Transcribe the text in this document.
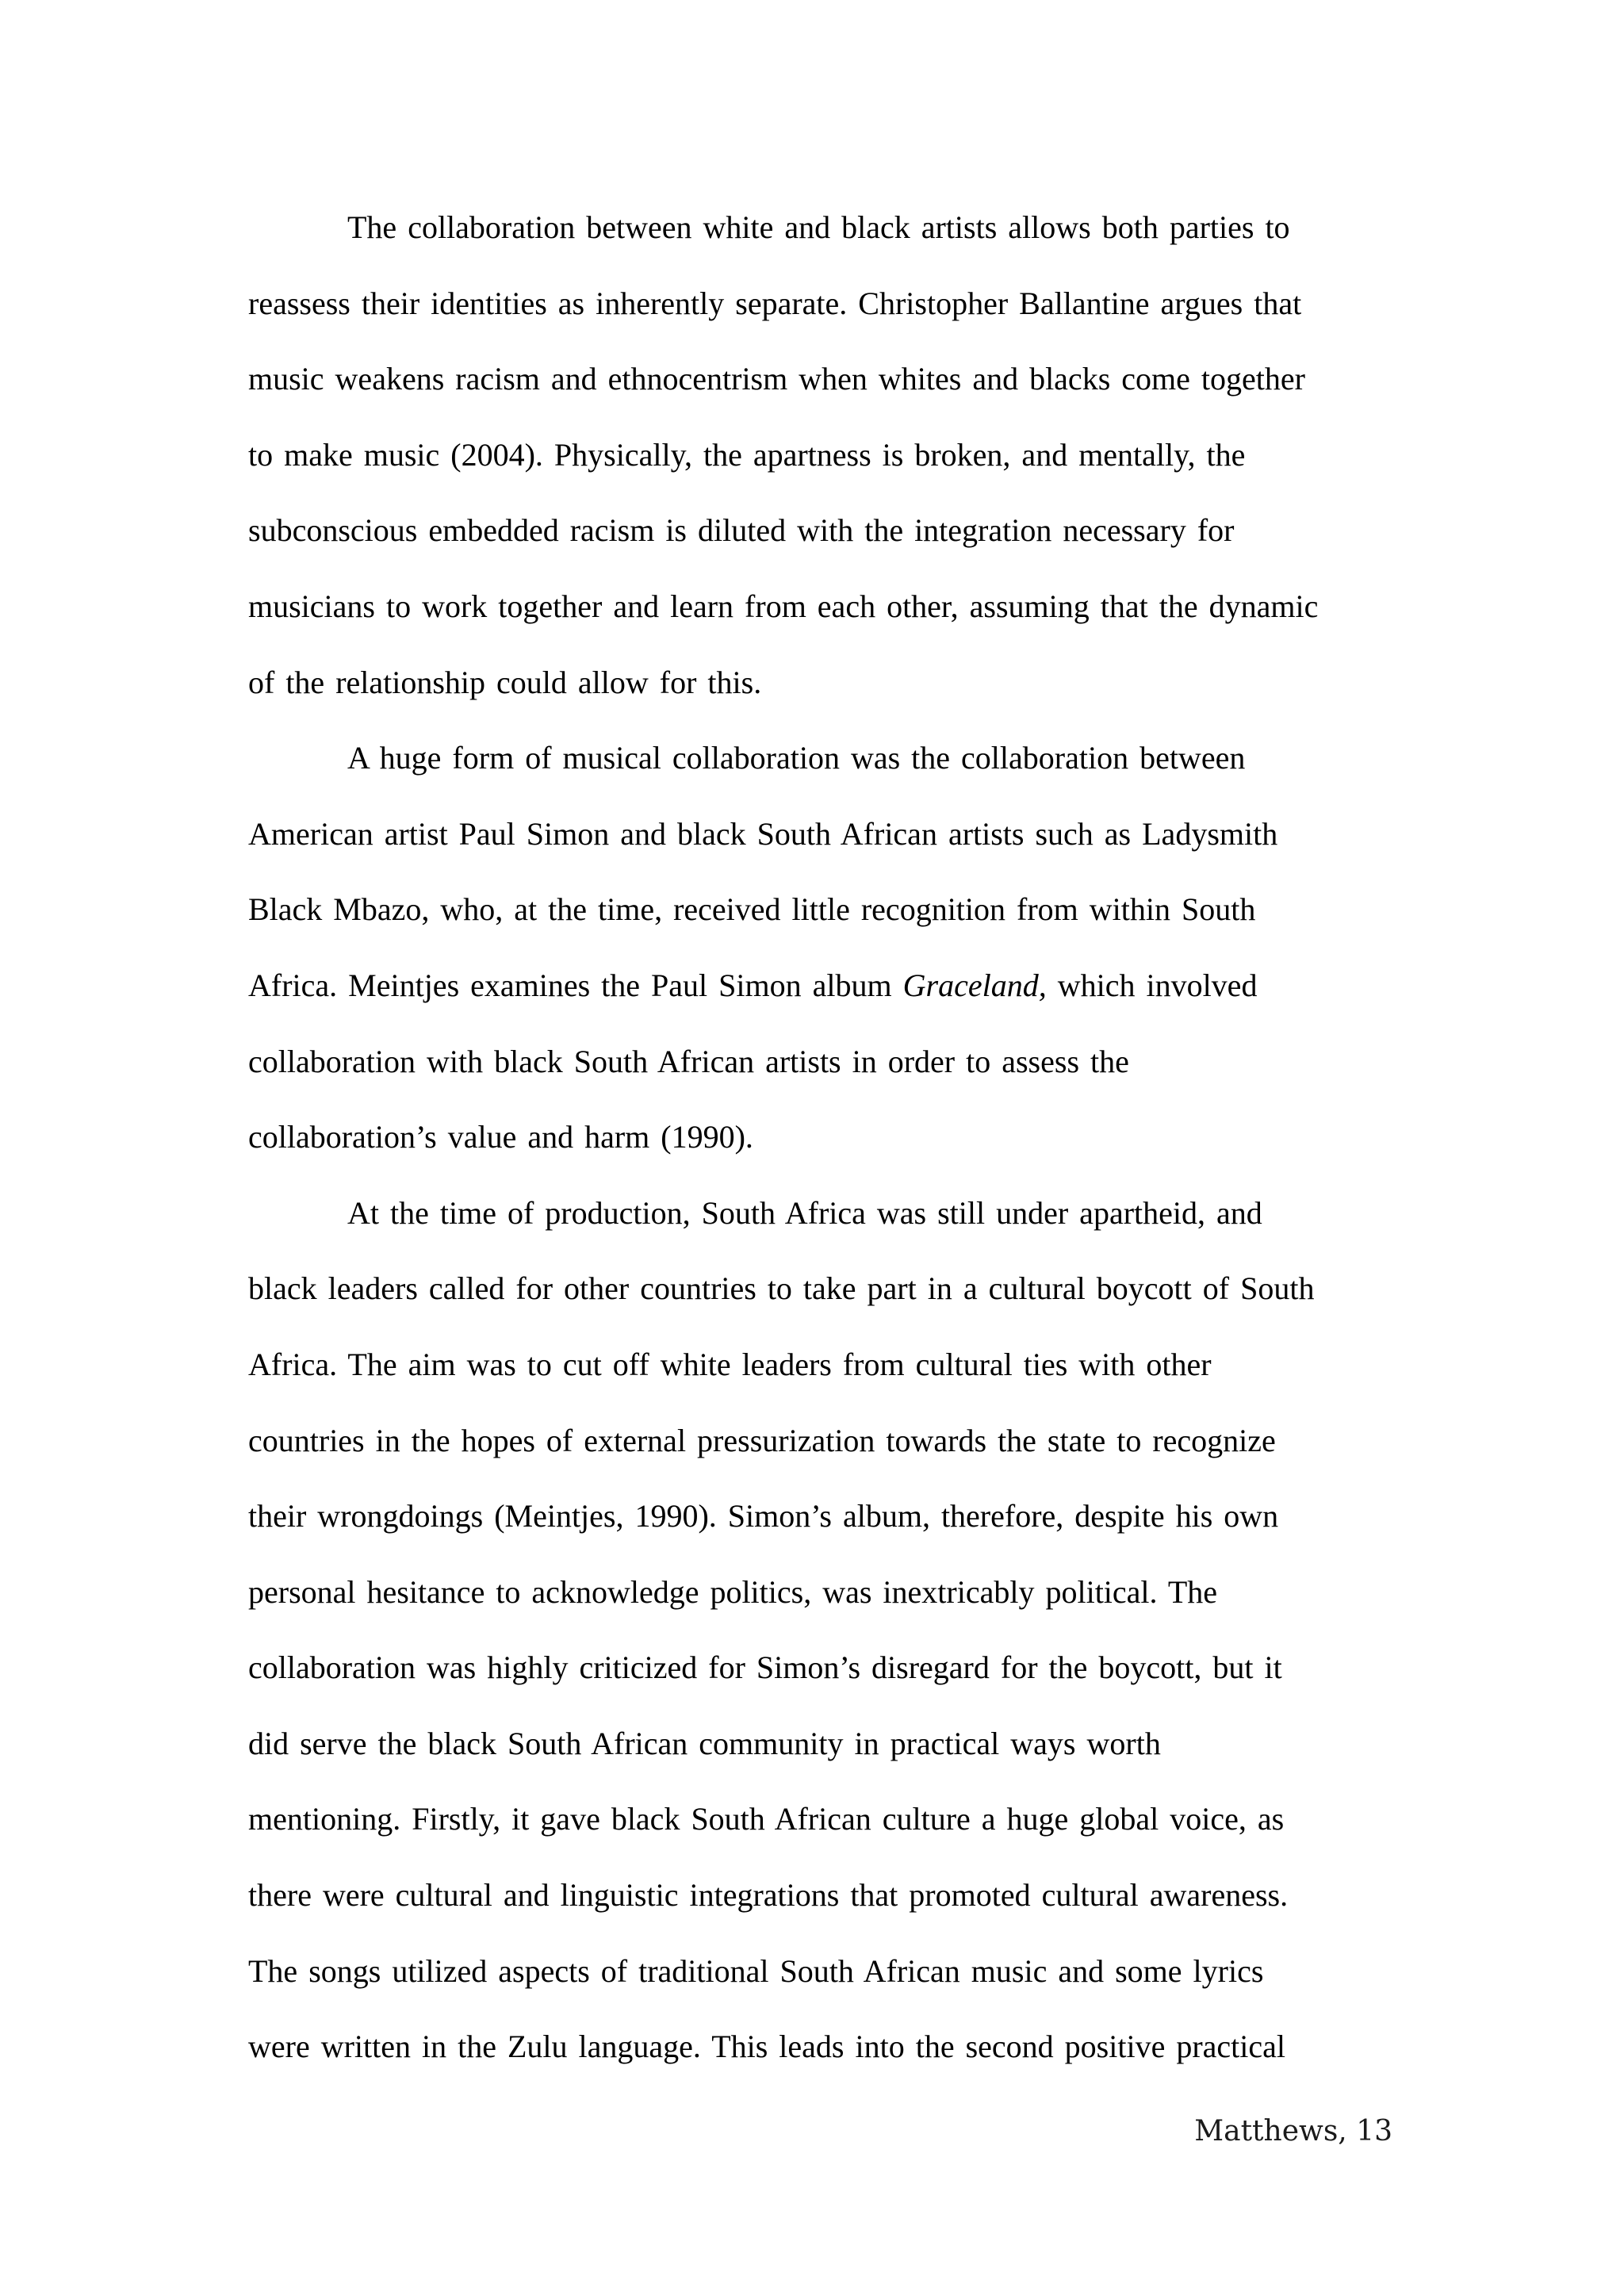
The collaboration between white and black artists allows both parties to
reassess their identities as inherently separate. Christopher Ballantine argues that
music weakens racism and ethnocentrism when whites and blacks come together
to make music (2004). Physically, the apartness is broken, and mentally, the
subconscious embedded racism is diluted with the integration necessary for
musicians to work together and learn from each other, assuming that the dynamic
of the relationship could allow for this.
A huge form of musical collaboration was the collaboration between
American artist Paul Simon and black South African artists such as Ladysmith
Black Mbazo, who, at the time, received little recognition from within South
Africa. Meintjes examines the Paul Simon album Graceland, which involved
collaboration with black South African artists in order to assess the
collaboration’s value and harm (1990).
At the time of production, South Africa was still under apartheid, and
black leaders called for other countries to take part in a cultural boycott of South
Africa. The aim was to cut off white leaders from cultural ties with other
countries in the hopes of external pressurization towards the state to recognize
their wrongdoings (Meintjes, 1990). Simon’s album, therefore, despite his own
personal hesitance to acknowledge politics, was inextricably political. The
collaboration was highly criticized for Simon’s disregard for the boycott, but it
did serve the black South African community in practical ways worth
mentioning. Firstly, it gave black South African culture a huge global voice, as
there were cultural and linguistic integrations that promoted cultural awareness.
The songs utilized aspects of traditional South African music and some lyrics
were written in the Zulu language. This leads into the second positive practical
Matthews, 13
